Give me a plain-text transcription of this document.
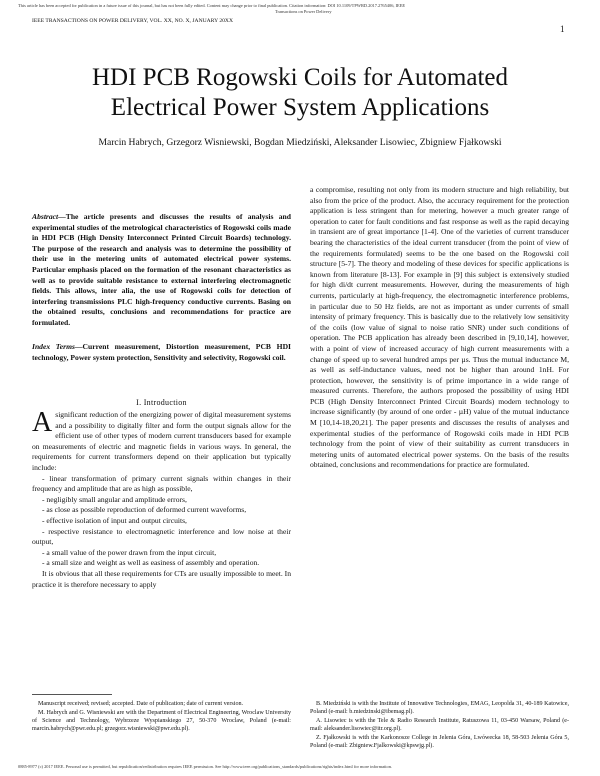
This article has been accepted for publication in a future issue of this journal, but has not been fully edited. Content may change prior to final publication. Citation information: DOI 10.1109/TPWRD.2017.2765406, IEEE
Transactions on Power Delivery
IEEE TRANSACTIONS ON POWER DELIVERY, VOL. XX, NO. X, JANUARY 20XX
1
HDI PCB Rogowski Coils for Automated
Electrical Power System Applications
Marcin Habrych, Grzegorz Wisniewski, Bogdan Miedziński, Aleksander Lisowiec, Zbigniew Fjałkowski
Abstract—The article presents and discusses the results of analysis and experimental studies of the metrological characteristics of Rogowski coils made in HDI PCB (High Density Interconnect Printed Circuit Boards) technology. The purpose of the research and analysis was to determine the possibility of their use in the metering units of automated electrical power systems. Particular emphasis placed on the formation of the resonant characteristics as well as to provide suitable resistance to external interfering electromagnetic fields. This allows, inter alia, the use of Rogowski coils for detection of interfering transmissions PLC high-frequency conductive currents. Basing on the obtained results, conclusions and recommendations for practice are formulated.
Index Terms—Current measurement, Distortion measurement, PCB HDI technology, Power system protection, Sensitivity and selectivity, Rogowski coil.
I. Introduction

Asignificant reduction of the energizing power of digital measurement systems and a possibility to digitally filter and form the output signals allow for the efficient use of other types of modern current transducers based for example on measurements of electric and magnetic fields in various ways. In general, the requirements for current transformers depend on their application but typically include:

- linear transformation of primary current signals within changes in their frequency and amplitude that are as high as possible,

- negligibly small angular and amplitude errors,

- as close as possible reproduction of deformed current waveforms,

- effective isolation of input and output circuits,

- respective resistance to electromagnetic interference and low noise at their output,

- a small value of the power drawn from the input circuit,

- a small size and weight as well as easiness of assembly and operation.

It is obvious that all these requirements for CTs are usually impossible to meet. In practice it is therefore necessary to apply

a compromise, resulting not only from its modern structure and high reliability, but also from the price of the product. Also, the accuracy requirement for the protection application is less stringent than for metering, however a much greater range of operation to cater for fault conditions and fast response as well as the rapid decaying in transient are of great importance [1-4]. One of the varieties of current transducer bearing the characteristics of the ideal current transducer (from the point of view of the requirements formulated) seems to be the one based on the Rogowski coil structure [5-7]. The theory and modeling of these devices for specific applications is known from literature [8-13]. For example in [9] this subject is extensively studied for high di/dt current measurements. However, during the measurements of high currents, particularly at high-frequency, the electromagnetic interference problems, in particular due to 50 Hz fields, are not as important as under currents of small intensity of primary frequency. This is basically due to the relatively low sensitivity of the coils (low value of signal to noise ratio SNR) under such conditions of operation. The PCB application has already been described in [9,10,14], however, with a point of view of increased accuracy of high current measurements with a change of speed up to several hundred amps per µs. Thus the mutual inductance M, as well as self-inductance values, need not be higher than around 1nH. For protection, however, the sensitivity is of prime importance in a wide range of measured currents. Therefore, the authors proposed the possibility of using HDI PCB (High Density Interconnect Printed Circuit Boards) modern technology to increase significantly (by around of one order - µH) value of the mutual inductance M [10,14-18,20,21]. The paper presents and discusses the results of analyses and experimental studies of the performance of Rogowski coils made in HDI PCB technology from the point of view of their suitability as current transducers in metering units of automated electrical power systems. On the basis of the results obtained, conclusions and recommendations for practice are formulated.

Manuscript received; revised; accepted. Date of publication; date of current version.

M. Habrych and G. Wisniewski are with the Department of Electrical Engineering, Wroclaw University of Science and Technology, Wybrzeze Wyspianskiego 27, 50-370 Wroclaw, Poland (e-mail: marcin.habrych@pwr.edu.pl; grzegorz.wisniewski@pwr.edu.pl).

B. Miedziński is with the Institute of Innovative Technologies, EMAG, Leopolda 31, 40-189 Katowice, Poland (e-mail: b.miedzinski@ibemag.pl).

A. Lisowiec is with the Tele & Radio Research Institute, Ratuszowa 11, 03-450 Warsaw, Poland (e-mail: aleksander.lisowiec@itr.org.pl).

Z. Fjałkowski is with the Karkonosze College in Jelenia Góra, Lwówecka 18, 58-503 Jelenia Góra 5, Poland (e-mail: Zbigniew.Fjalkowski@kpswjg.pl).

0885-8977 (c) 2017 IEEE. Personal use is permitted, but republication/redistribution requires IEEE permission. See http://www.ieee.org/publications_standards/publications/rights/index.html for more information.
